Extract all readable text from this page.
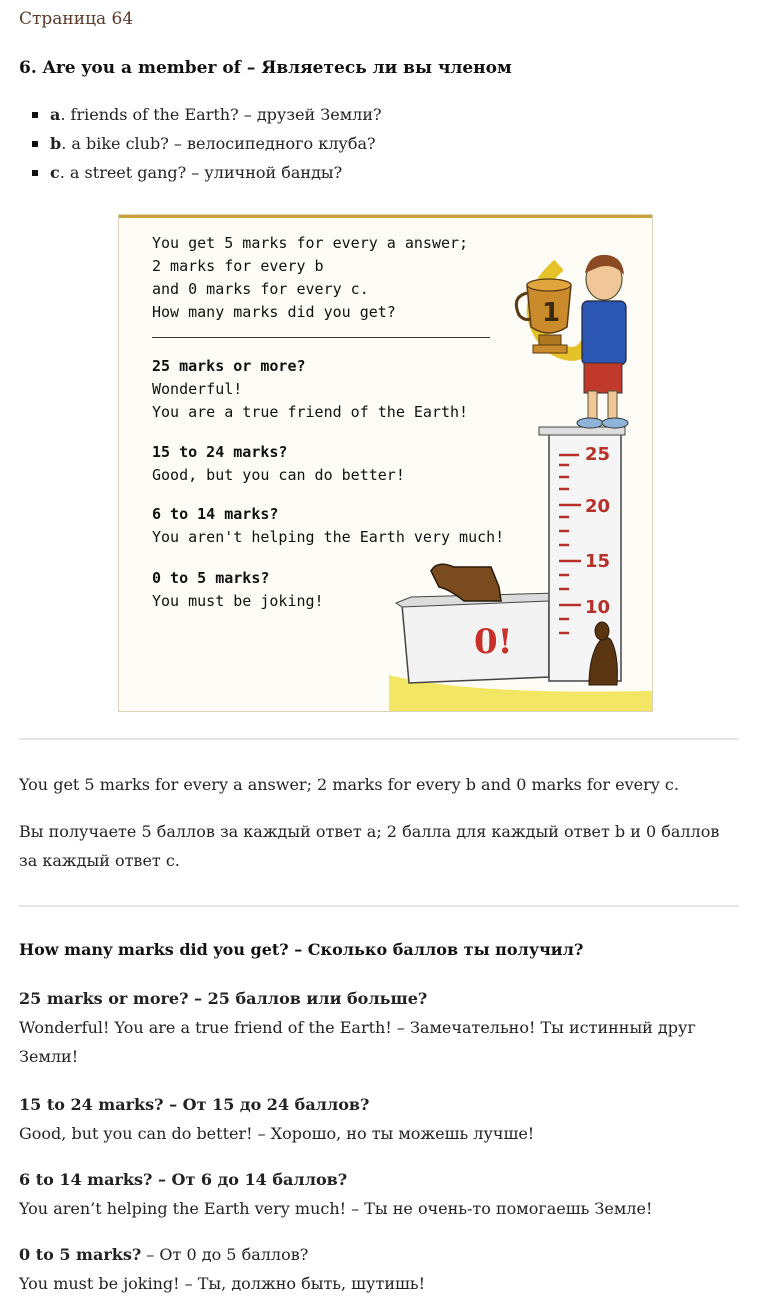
Страница 64
6. Are you a member of – Являетесь ли вы членом
a. friends of the Earth? – друзей Земли?
b. a bike club? – велосипедного клуба?
c. a street gang? – уличной банды?
You get 5 marks for every a answer;
2 marks for every b
and 0 marks for every c.
How many marks did you get?
25 marks or more?
Wonderful!
You are a true friend of the Earth!
15 to 24 marks?
Good, but you can do better!
6 to 14 marks?
You aren't helping the Earth very much!
0 to 5 marks?
You must be joking!
0!
25
20
15
10
1
You get 5 marks for every a answer; 2 marks for every b and 0 marks for every c.
Вы получаете 5 баллов за каждый ответ a; 2 балла для каждый ответ b и 0 баллов за каждый ответ c.
How many marks did you get? – Сколько баллов ты получил?
25 marks or more? – 25 баллов или больше?
Wonderful! You are a true friend of the Earth! – Замечательно! Ты истинный друг Земли!
15 to 24 marks? – От 15 до 24 баллов?
Good, but you can do better! – Хорошо, но ты можешь лучше!
6 to 14 marks? – От 6 до 14 баллов?
You aren’t helping the Earth very much! – Ты не очень-то помогаешь Земле!
0 to 5 marks? – От 0 до 5 баллов?
You must be joking! – Ты, должно быть, шутишь!
